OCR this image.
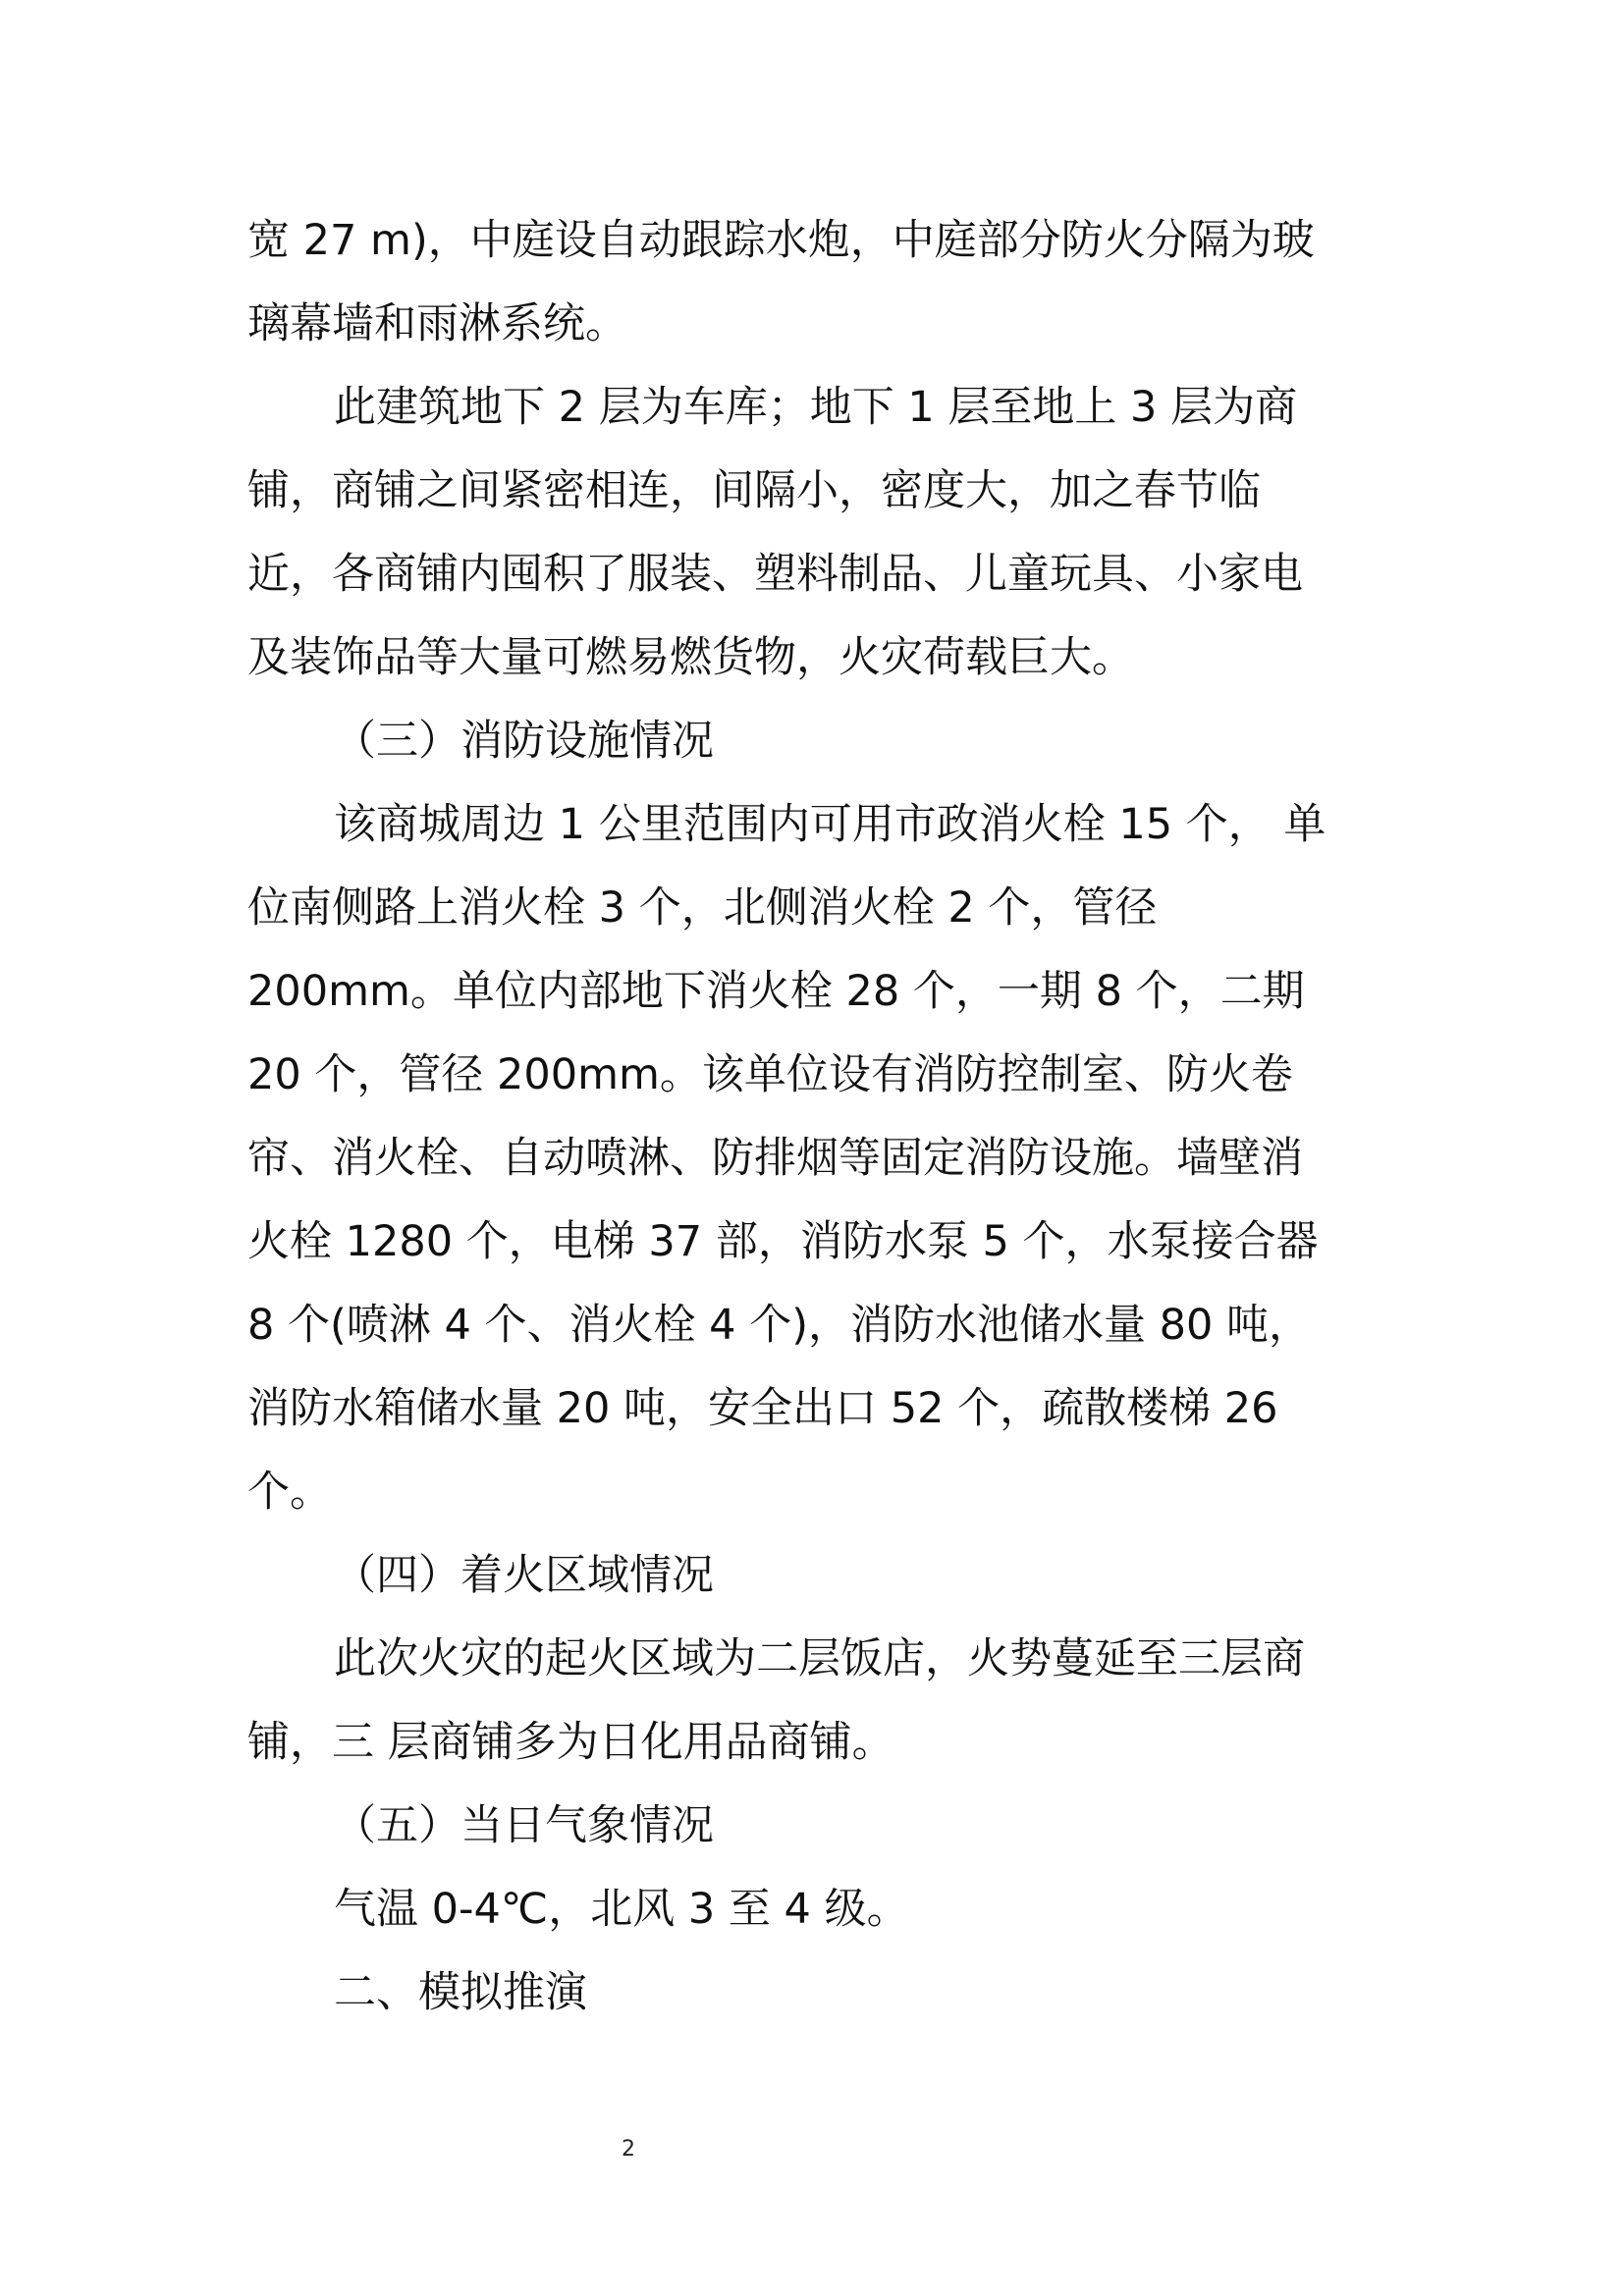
宽 27 m)，中庭设自动跟踪水炮，中庭部分防火分隔为玻
璃幕墙和雨淋系统。
此建筑地下 2 层为车库；地下 1 层至地上 3 层为商
铺，商铺之间紧密相连，间隔小，密度大，加之春节临
近，各商铺内囤积了服装、塑料制品、儿童玩具、小家电
及装饰品等大量可燃易燃货物，火灾荷载巨大。
（三）消防设施情况
该商城周边 1 公里范围内可用市政消火栓 15 个， 单
位南侧路上消火栓 3 个，北侧消火栓 2 个，管径
200mm。单位内部地下消火栓 28 个，一期 8 个，二期
20 个，管径 200mm。该单位设有消防控制室、防火卷
帘、消火栓、自动喷淋、防排烟等固定消防设施。墙壁消
火栓 1280 个，电梯 37 部，消防水泵 5 个，水泵接合器
8 个(喷淋 4 个、消火栓 4 个)，消防水池储水量 80 吨，
消防水箱储水量 20 吨，安全出口 52 个，疏散楼梯 26
个。
（四）着火区域情况
此次火灾的起火区域为二层饭店，火势蔓延至三层商
铺，三 层商铺多为日化用品商铺。
（五）当日气象情况
气温 0-4℃，北风 3 至 4 级。
二、模拟推演
2
